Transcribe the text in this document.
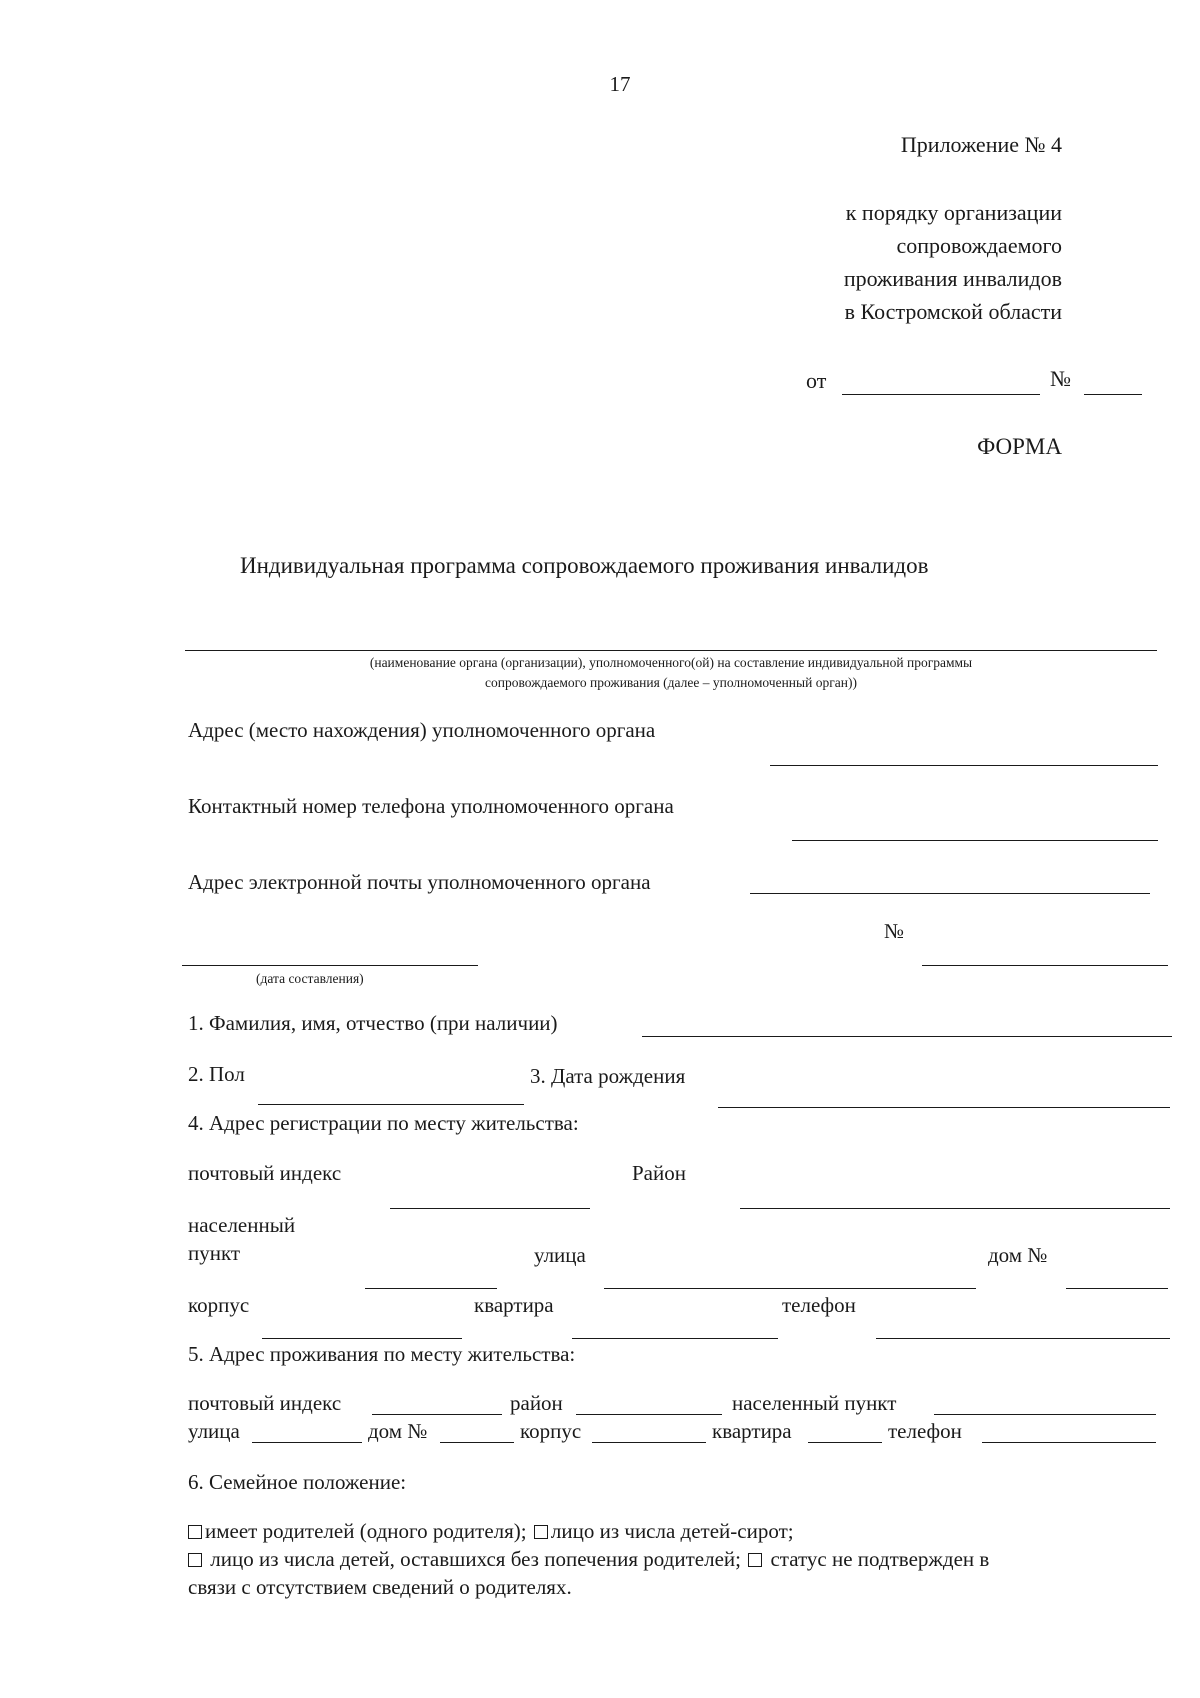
17
Приложение № 4
к порядку организации
сопровождаемого
проживания инвалидов
в Костромской области
от	№
ФОРМА
Индивидуальная программа сопровождаемого проживания инвалидов
(наименование органа (организации), уполномоченного(ой) на составление индивидуальной программы
сопровождаемого проживания (далее – уполномоченный орган))
Адрес (место нахождения) уполномоченного органа
Контактный номер телефона уполномоченного органа
Адрес электронной почты уполномоченного органа
№
(дата составления)
1. Фамилия, имя, отчество (при наличии)
2. Пол	3. Дата рождения
4. Адрес регистрации по месту жительства:
почтовый индекс	Район
населенный
пункт	улица	дом №
корпус	квартира	телефон
5. Адрес проживания по месту жительства:
почтовый индекс	район	населенный пункт
улица	дом №	корпус	квартира	телефон
6. Семейное положение:
имеет родителей (одного родителя); лицо из числа детей-сирот;
лицо из числа детей, оставшихся без попечения родителей; статус не подтвержден в
связи с отсутствием сведений о родителях.
